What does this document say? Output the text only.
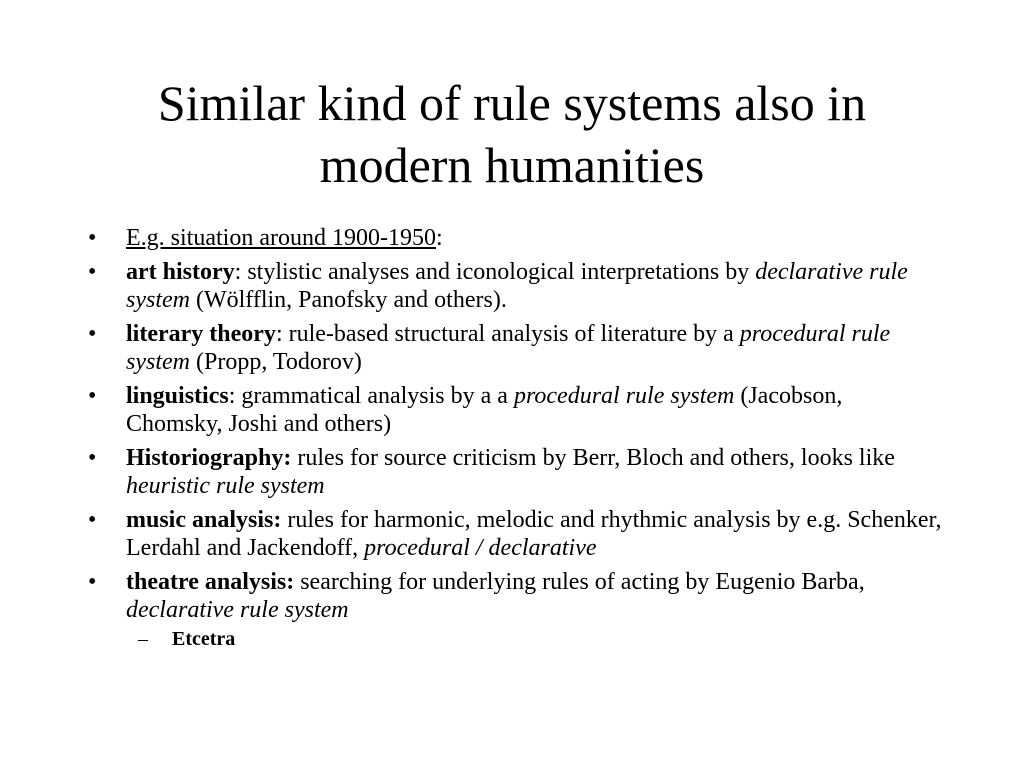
Similar kind of rule systems also in
modern humanities
• E.g. situation around 1900-1950:
• art history: stylistic analyses and iconological interpretations by declarative rule system (Wölfflin, Panofsky and others).
• literary theory: rule-based structural analysis of literature by a procedural rule system (Propp, Todorov)
• linguistics: grammatical analysis by a a procedural rule system (Jacobson, Chomsky, Joshi and others)
• Historiography: rules for source criticism by Berr, Bloch and others, looks like heuristic rule system
• music analysis: rules for harmonic, melodic and rhythmic analysis by e.g. Schenker, Lerdahl and Jackendoff, procedural / declarative
• theatre analysis: searching for underlying rules of acting by Eugenio Barba, declarative rule system
– Etcetra
